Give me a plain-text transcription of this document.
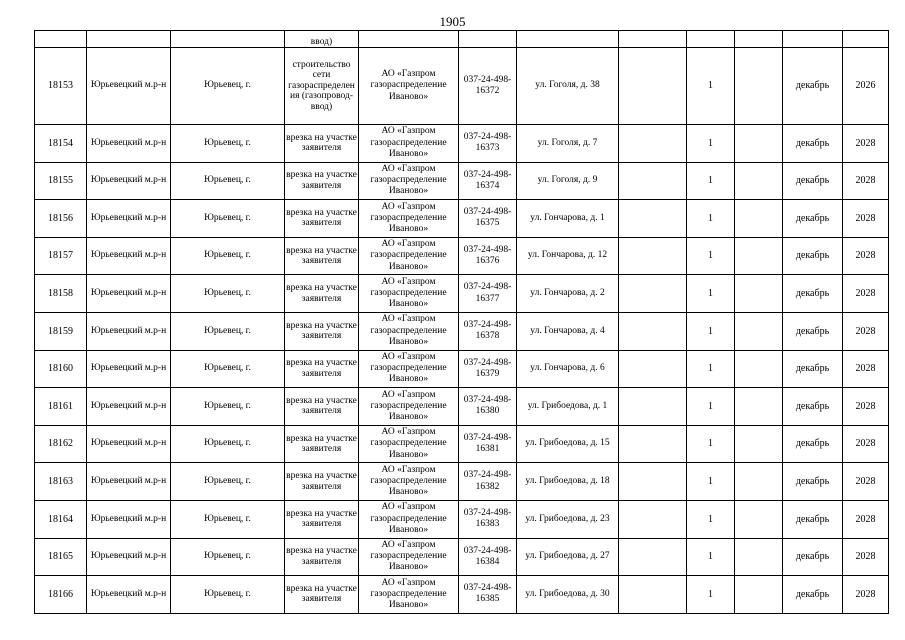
1905
			ввод)								
18153	Юрьевецкий м.р-н	Юрьевец, г.	строительство сети газораспределения (газопровод-ввод)	АО «Газпром газораспределение Иваново»	037-24-498-16372	ул. Гоголя, д. 38		1		декабрь	2026
18154	Юрьевецкий м.р-н	Юрьевец, г.	врезка на участке заявителя	АО «Газпром газораспределение Иваново»	037-24-498-16373	ул. Гоголя, д. 7		1		декабрь	2028
18155	Юрьевецкий м.р-н	Юрьевец, г.	врезка на участке заявителя	АО «Газпром газораспределение Иваново»	037-24-498-16374	ул. Гоголя, д. 9		1		декабрь	2028
18156	Юрьевецкий м.р-н	Юрьевец, г.	врезка на участке заявителя	АО «Газпром газораспределение Иваново»	037-24-498-16375	ул. Гончарова, д. 1		1		декабрь	2028
18157	Юрьевецкий м.р-н	Юрьевец, г.	врезка на участке заявителя	АО «Газпром газораспределение Иваново»	037-24-498-16376	ул. Гончарова, д. 12		1		декабрь	2028
18158	Юрьевецкий м.р-н	Юрьевец, г.	врезка на участке заявителя	АО «Газпром газораспределение Иваново»	037-24-498-16377	ул. Гончарова, д. 2		1		декабрь	2028
18159	Юрьевецкий м.р-н	Юрьевец, г.	врезка на участке заявителя	АО «Газпром газораспределение Иваново»	037-24-498-16378	ул. Гончарова, д. 4		1		декабрь	2028
18160	Юрьевецкий м.р-н	Юрьевец, г.	врезка на участке заявителя	АО «Газпром газораспределение Иваново»	037-24-498-16379	ул. Гончарова, д. 6		1		декабрь	2028
18161	Юрьевецкий м.р-н	Юрьевец, г.	врезка на участке заявителя	АО «Газпром газораспределение Иваново»	037-24-498-16380	ул. Грибоедова, д. 1		1		декабрь	2028
18162	Юрьевецкий м.р-н	Юрьевец, г.	врезка на участке заявителя	АО «Газпром газораспределение Иваново»	037-24-498-16381	ул. Грибоедова, д. 15		1		декабрь	2028
18163	Юрьевецкий м.р-н	Юрьевец, г.	врезка на участке заявителя	АО «Газпром газораспределение Иваново»	037-24-498-16382	ул. Грибоедова, д. 18		1		декабрь	2028
18164	Юрьевецкий м.р-н	Юрьевец, г.	врезка на участке заявителя	АО «Газпром газораспределение Иваново»	037-24-498-16383	ул. Грибоедова, д. 23		1		декабрь	2028
18165	Юрьевецкий м.р-н	Юрьевец, г.	врезка на участке заявителя	АО «Газпром газораспределение Иваново»	037-24-498-16384	ул. Грибоедова, д. 27		1		декабрь	2028
18166	Юрьевецкий м.р-н	Юрьевец, г.	врезка на участке заявителя	АО «Газпром газораспределение Иваново»	037-24-498-16385	ул. Грибоедова, д. 30		1		декабрь	2028
